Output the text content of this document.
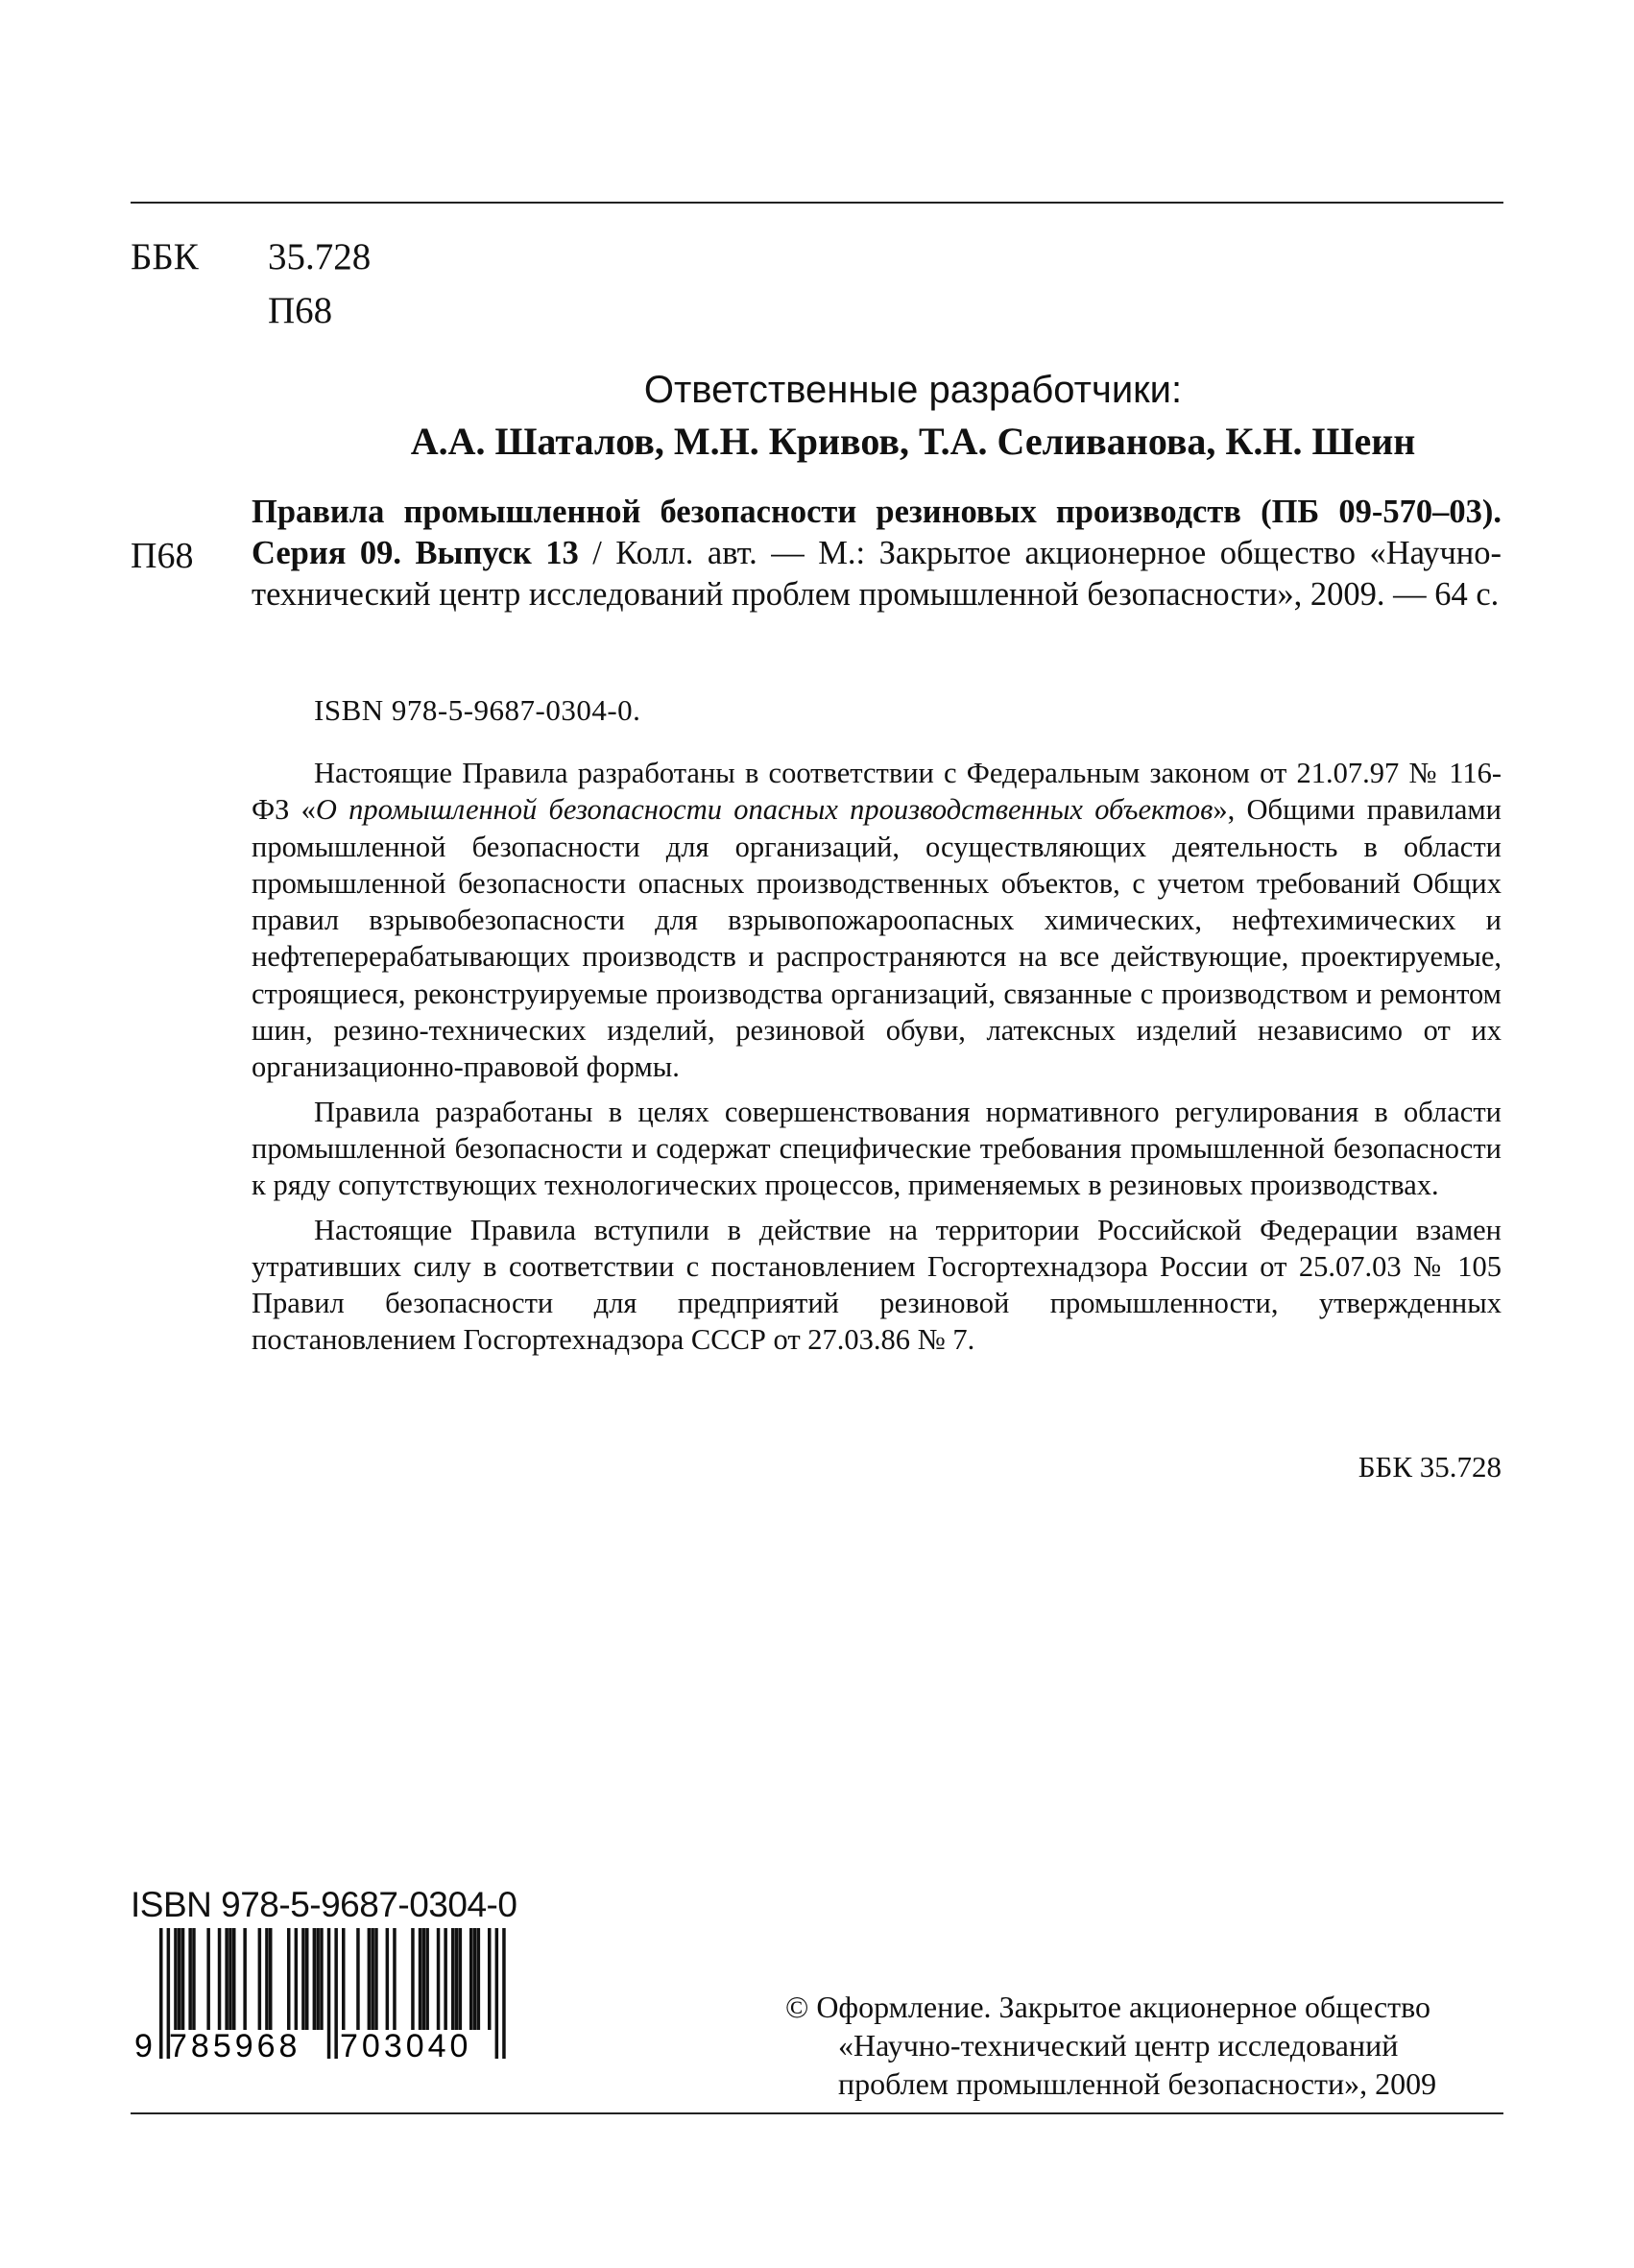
ББК	35.728
П68
Ответственные разработчики:
А.А. Шаталов, М.Н. Кривов, Т.А. Селиванова, К.Н. Шеин
П68
Правила промышленной безопасности резиновых производств (ПБ 09-570–03). Серия 09. Выпуск 13 / Колл. авт. — М.: Закрытое акционерное общество «Научно-технический центр исследований проблем промышленной безопасности», 2009. — 64 с.
ISBN 978-5-9687-0304-0.

Настоящие Правила разработаны в соответствии с Федеральным законом от 21.07.97 № 116-ФЗ «О промышленной безопасности опасных производственных объектов», Общими правилами промышленной безопасности для организаций, осуществляющих деятельность в области промышленной безопасности опасных производственных объектов, с учетом требований Общих правил взрывобезопасности для взрывопожароопасных химических, нефтехимических и нефтеперерабатывающих производств и распространяются на все действующие, проектируемые, строящиеся, реконструируемые производства организаций, связанные с производством и ремонтом шин, резино-технических изделий, резиновой обуви, латексных изделий независимо от их организационно-правовой формы.

Правила разработаны в целях совершенствования нормативного регулирования в области промышленной безопасности и содержат специфические требования промышленной безопасности к ряду сопутствующих технологических процессов, применяемых в резиновых производствах.

Настоящие Правила вступили в действие на территории Российской Федерации взамен утративших силу в соответствии с постановлением Госгортехнадзора России от 25.07.03 № 105 Правил безопасности для предприятий резиновой промышленности, утвержденных постановлением Госгортехнадзора СССР от 27.03.86 № 7.

ББК 35.728
ISBN 978-5-9687-0304-0
9 785968 703040
© Оформление. Закрытое акционерное общество
«Научно-технический центр исследований
проблем промышленной безопасности», 2009
